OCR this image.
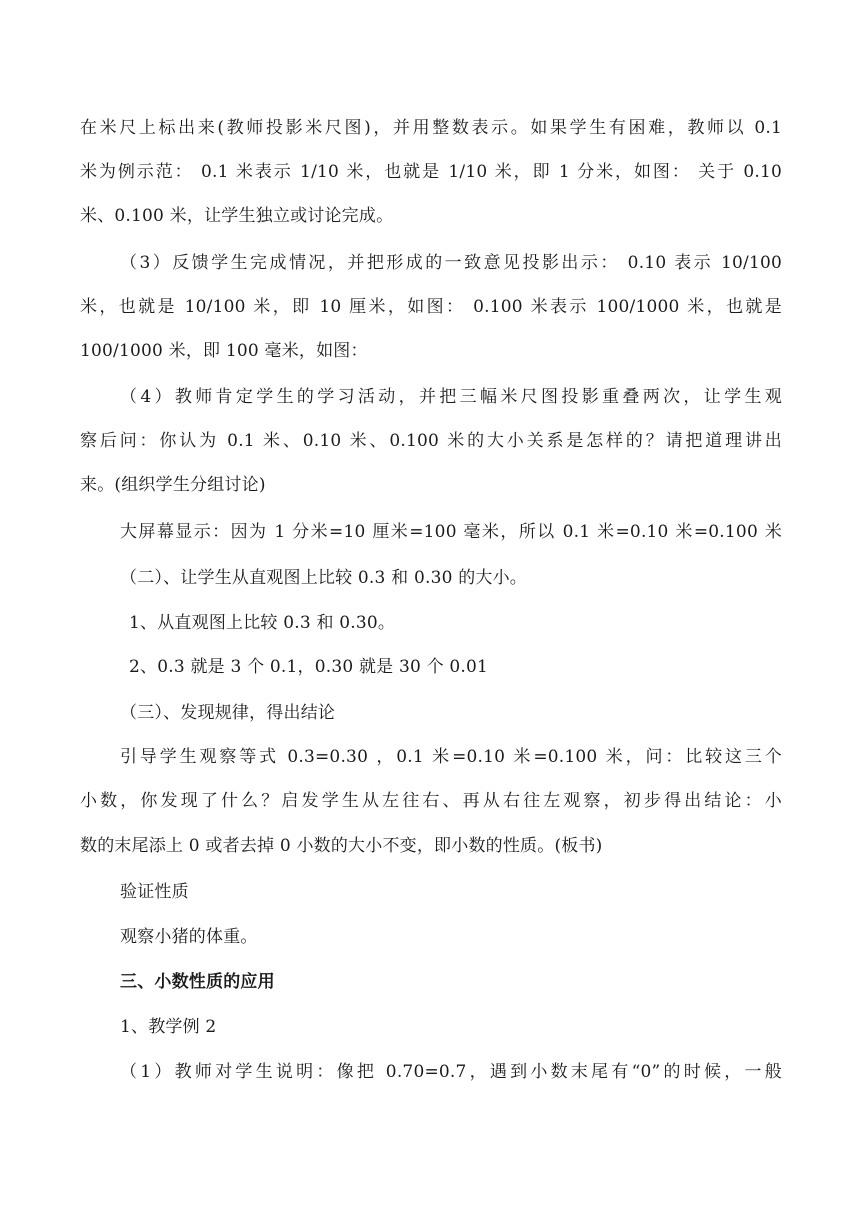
在米尺上标出来(教师投影米尺图)，并用整数表示。如果学生有困难，教师以 0.1
米为例示范： 0.1 米表示 1/10 米，也就是 1/10 米，即 1 分米，如图： 关于 0.10
米、0.100 米，让学生独立或讨论完成。
（3）反馈学生完成情况，并把形成的一致意见投影出示： 0.10 表示 10/100
米，也就是 10/100 米，即 10 厘米，如图： 0.100 米表示 100/1000 米，也就是
100/1000 米，即 100 毫米，如图：
（4）教师肯定学生的学习活动，并把三幅米尺图投影重叠两次，让学生观
察后问：你认为 0.1 米、0.10 米、0.100 米的大小关系是怎样的？请把道理讲出
来。(组织学生分组讨论)
大屏幕显示：因为 1 分米=10 厘米=100 毫米，所以 0.1 米=0.10 米=0.100 米
（二）、让学生从直观图上比较 0.3 和 0.30 的大小。
1、从直观图上比较 0.3 和 0.30。
2、0.3 就是 3 个 0.1，0.30 就是 30 个 0.01
（三）、发现规律，得出结论
引导学生观察等式 0.3=0.30 ，0.1 米=0.10 米=0.100 米，问：比较这三个
小数，你发现了什么？启发学生从左往右、再从右往左观察，初步得出结论：小
数的末尾添上 0 或者去掉 0 小数的大小不变，即小数的性质。(板书)
验证性质
观察小猪的体重。
三、小数性质的应用
1、教学例 2
（1）教师对学生说明：像把 0.70=0.7，遇到小数末尾有“0”的时候，一般
